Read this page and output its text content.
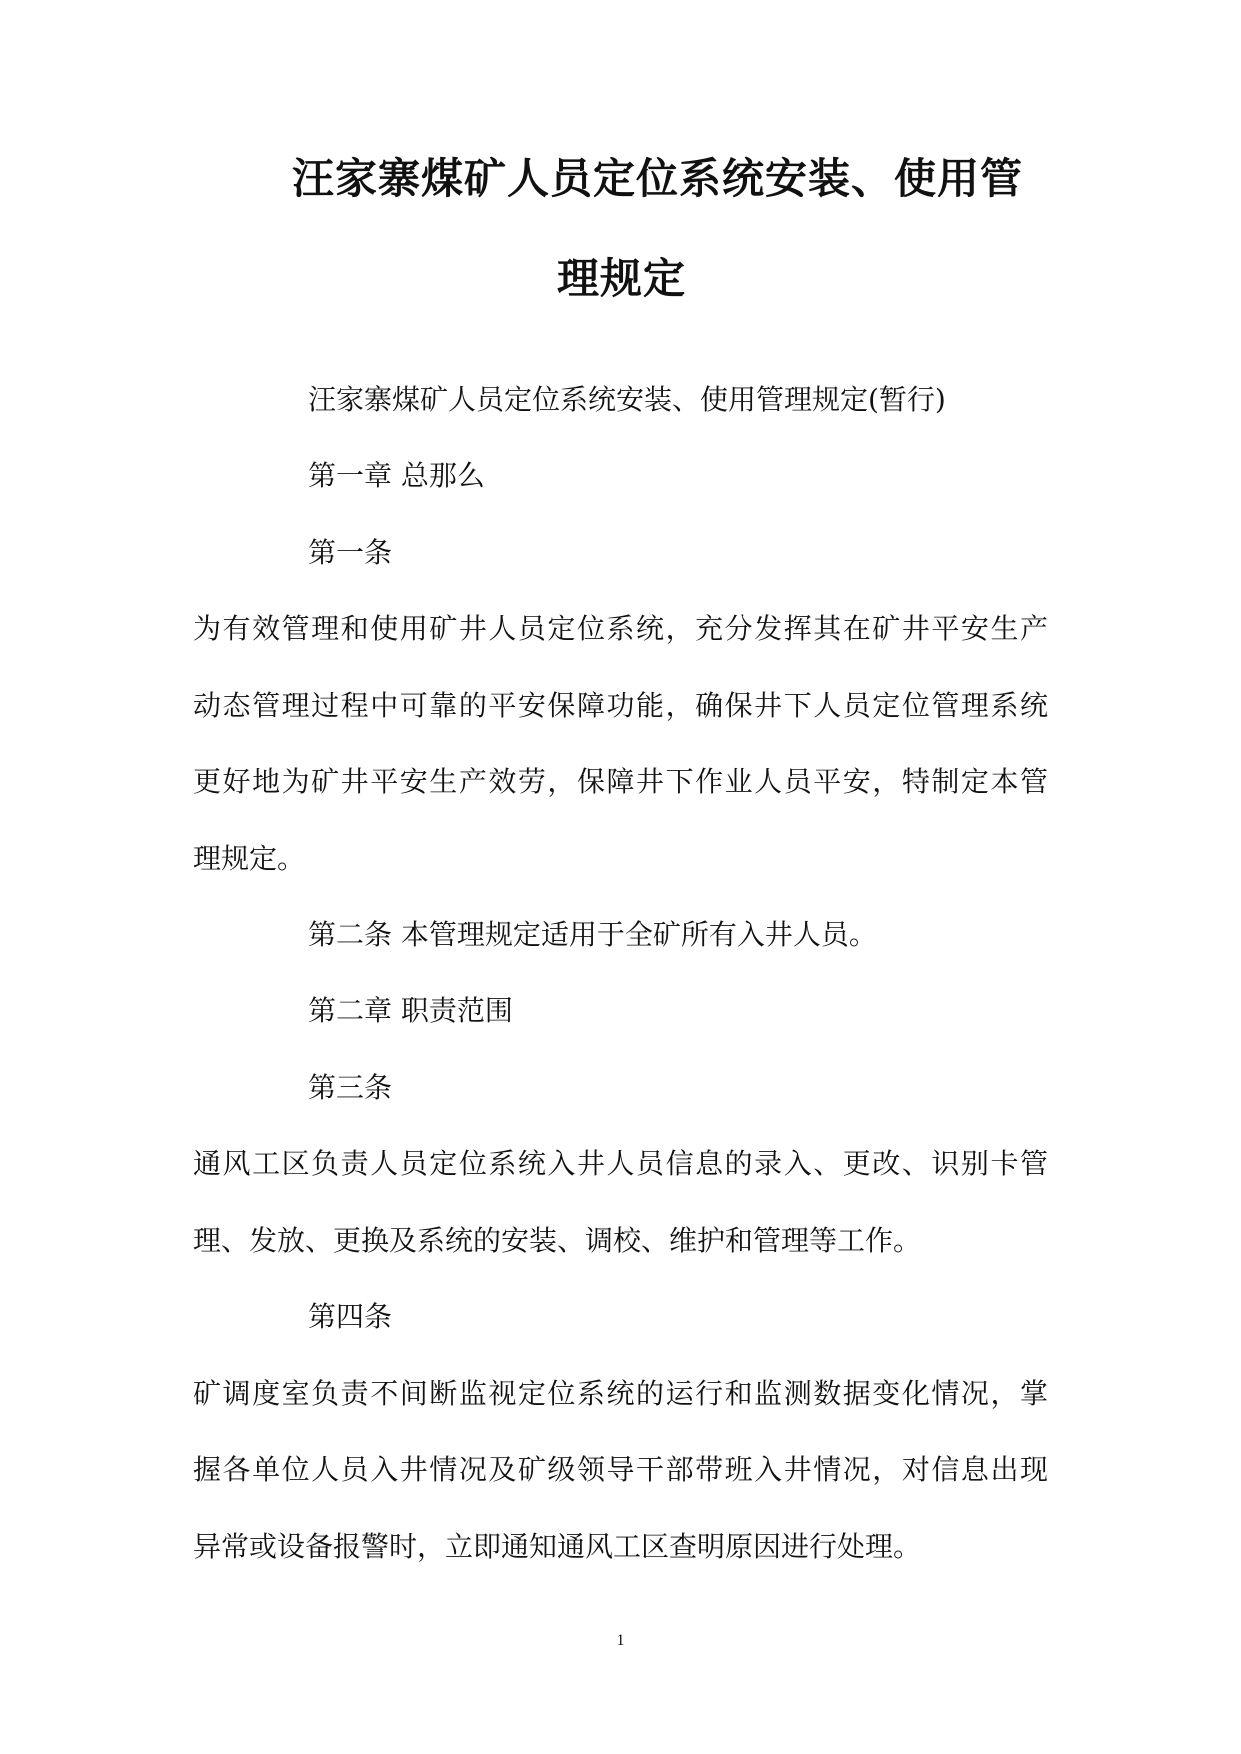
汪家寨煤矿人员定位系统安装、使用管
理规定
汪家寨煤矿人员定位系统安装、使用管理规定(暂行)
第一章 总那么
第一条
为有效管理和使用矿井人员定位系统，充分发挥其在矿井平安生产
动态管理过程中可靠的平安保障功能，确保井下人员定位管理系统
更好地为矿井平安生产效劳，保障井下作业人员平安，特制定本管
理规定。
第二条 本管理规定适用于全矿所有入井人员。
第二章 职责范围
第三条
通风工区负责人员定位系统入井人员信息的录入、更改、识别卡管
理、发放、更换及系统的安装、调校、维护和管理等工作。
第四条
矿调度室负责不间断监视定位系统的运行和监测数据变化情况，掌
握各单位人员入井情况及矿级领导干部带班入井情况，对信息出现
异常或设备报警时，立即通知通风工区查明原因进行处理。
1
